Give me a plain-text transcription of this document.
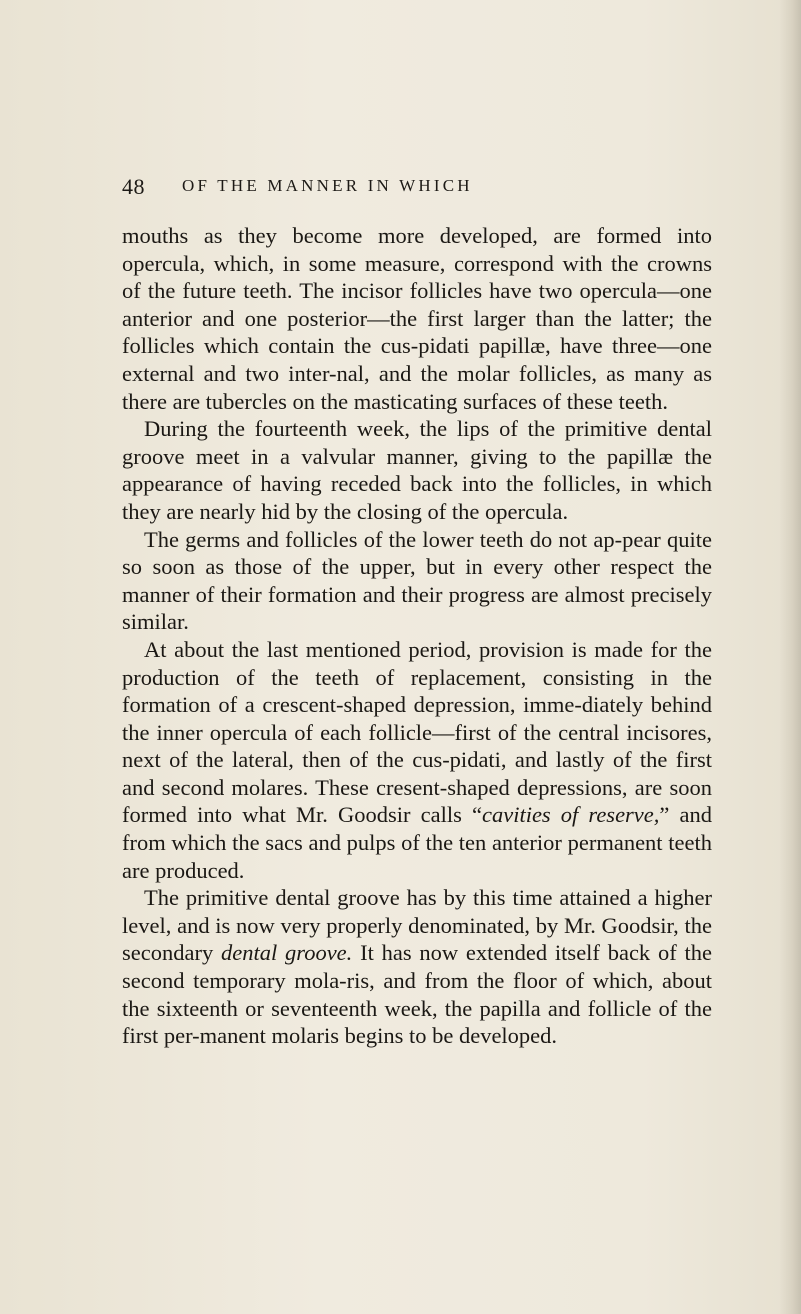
48 OF THE MANNER IN WHICH

mouths as they become more developed, are formed into opercula, which, in some measure, correspond with the crowns of the future teeth. The incisor follicles have two opercula—one anterior and one posterior—the first larger than the latter; the follicles which contain the cus-pidati papillæ, have three—one external and two inter-nal, and the molar follicles, as many as there are tubercles on the masticating surfaces of these teeth.

During the fourteenth week, the lips of the primitive dental groove meet in a valvular manner, giving to the papillæ the appearance of having receded back into the follicles, in which they are nearly hid by the closing of the opercula.

The germs and follicles of the lower teeth do not ap-pear quite so soon as those of the upper, but in every other respect the manner of their formation and their progress are almost precisely similar.

At about the last mentioned period, provision is made for the production of the teeth of replacement, consisting in the formation of a crescent-shaped depression, imme-diately behind the inner opercula of each follicle—first of the central incisores, next of the lateral, then of the cus-pidati, and lastly of the first and second molares. These cresent-shaped depressions, are soon formed into what Mr. Goodsir calls “cavities of reserve,” and from which the sacs and pulps of the ten anterior permanent teeth are produced.

The primitive dental groove has by this time attained a higher level, and is now very properly denominated, by Mr. Goodsir, the secondary dental groove. It has now extended itself back of the second temporary mola-ris, and from the floor of which, about the sixteenth or seventeenth week, the papilla and follicle of the first per-manent molaris begins to be developed.
